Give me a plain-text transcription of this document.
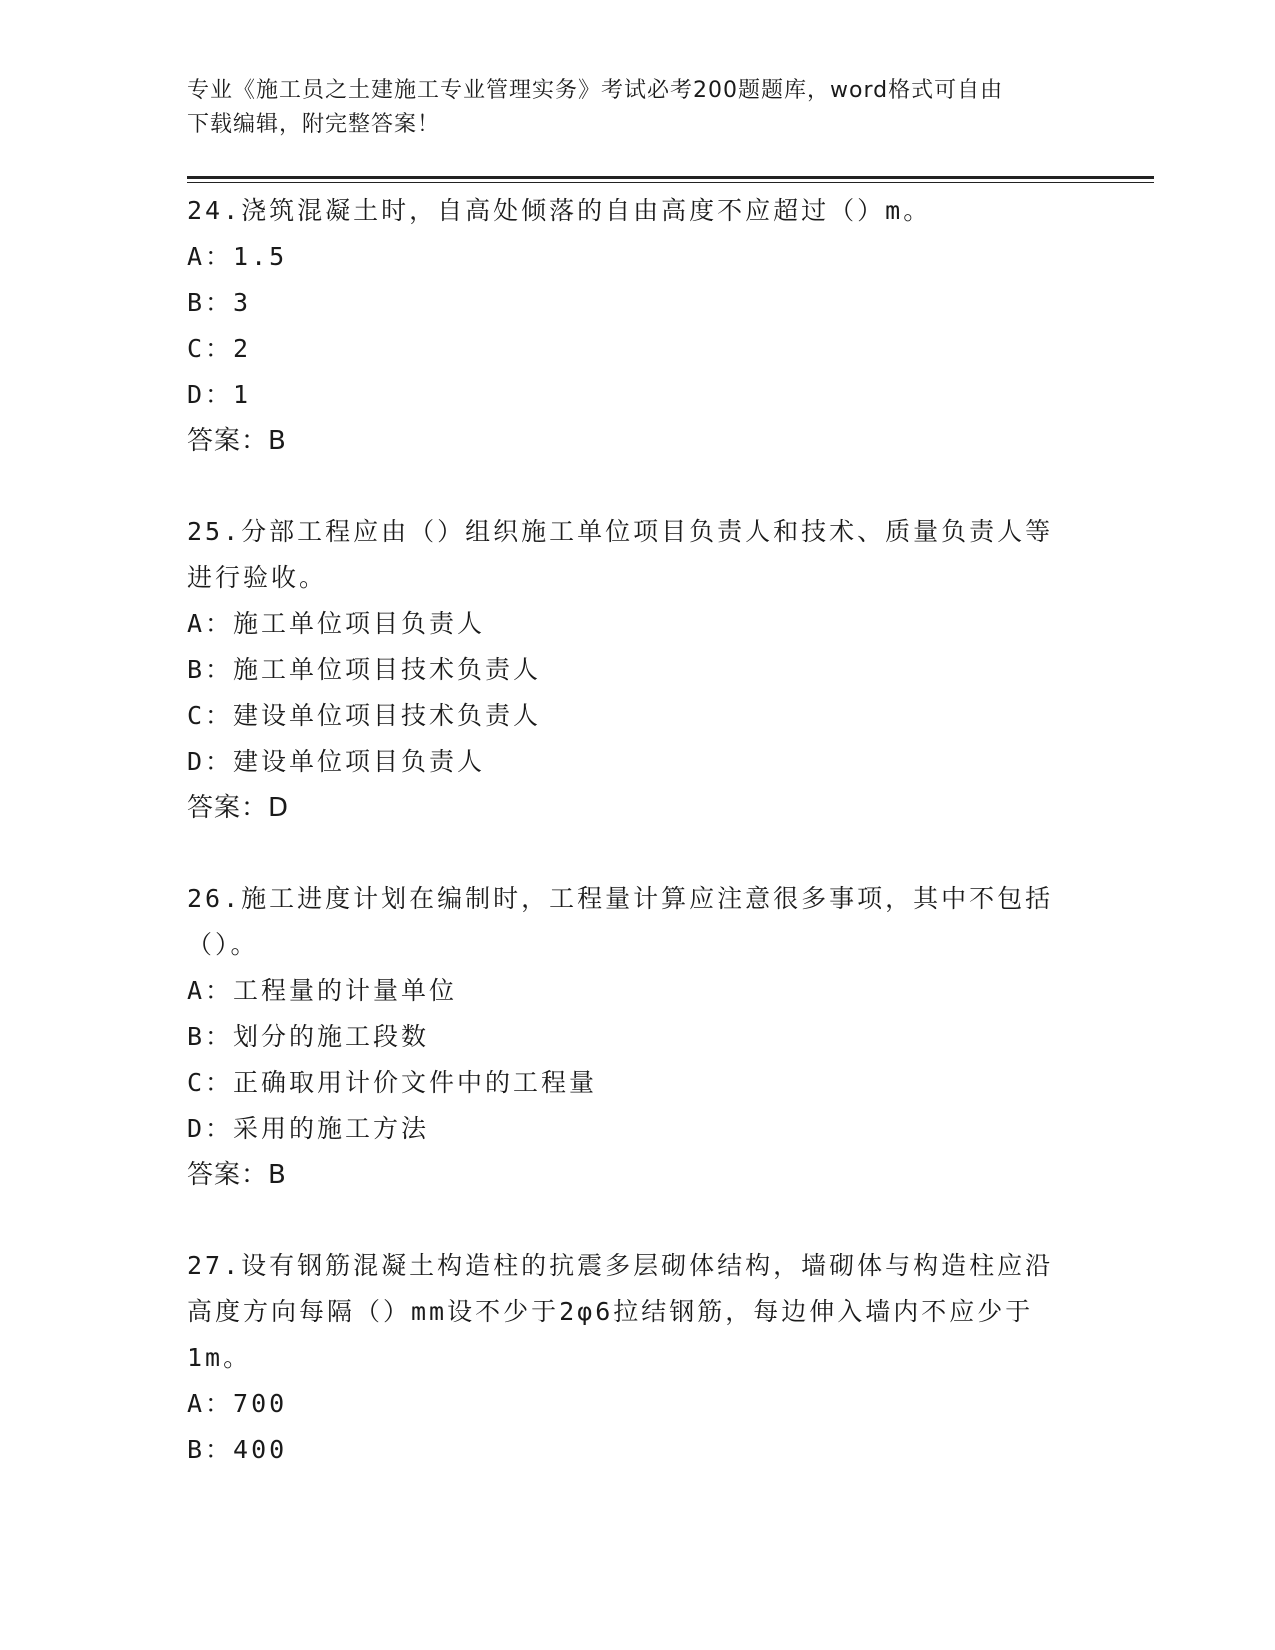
专业《施工员之土建施工专业管理实务》考试必考200题题库，word格式可自由
下载编辑，附完整答案！
24.浇筑混凝土时，自高处倾落的自由高度不应超过（）m。
A：1.5
B：3
C：2
D：1
答案：B
25.分部工程应由（）组织施工单位项目负责人和技术、质量负责人等
进行验收。
A：施工单位项目负责人
B：施工单位项目技术负责人
C：建设单位项目技术负责人
D：建设单位项目负责人
答案：D
26.施工进度计划在编制时，工程量计算应注意很多事项，其中不包括
（）。
A：工程量的计量单位
B：划分的施工段数
C：正确取用计价文件中的工程量
D：采用的施工方法
答案：B
27.设有钢筋混凝土构造柱的抗震多层砌体结构，墙砌体与构造柱应沿
高度方向每隔（）mm设不少于2φ6拉结钢筋，每边伸入墙内不应少于
1m。
A：700
B：400
